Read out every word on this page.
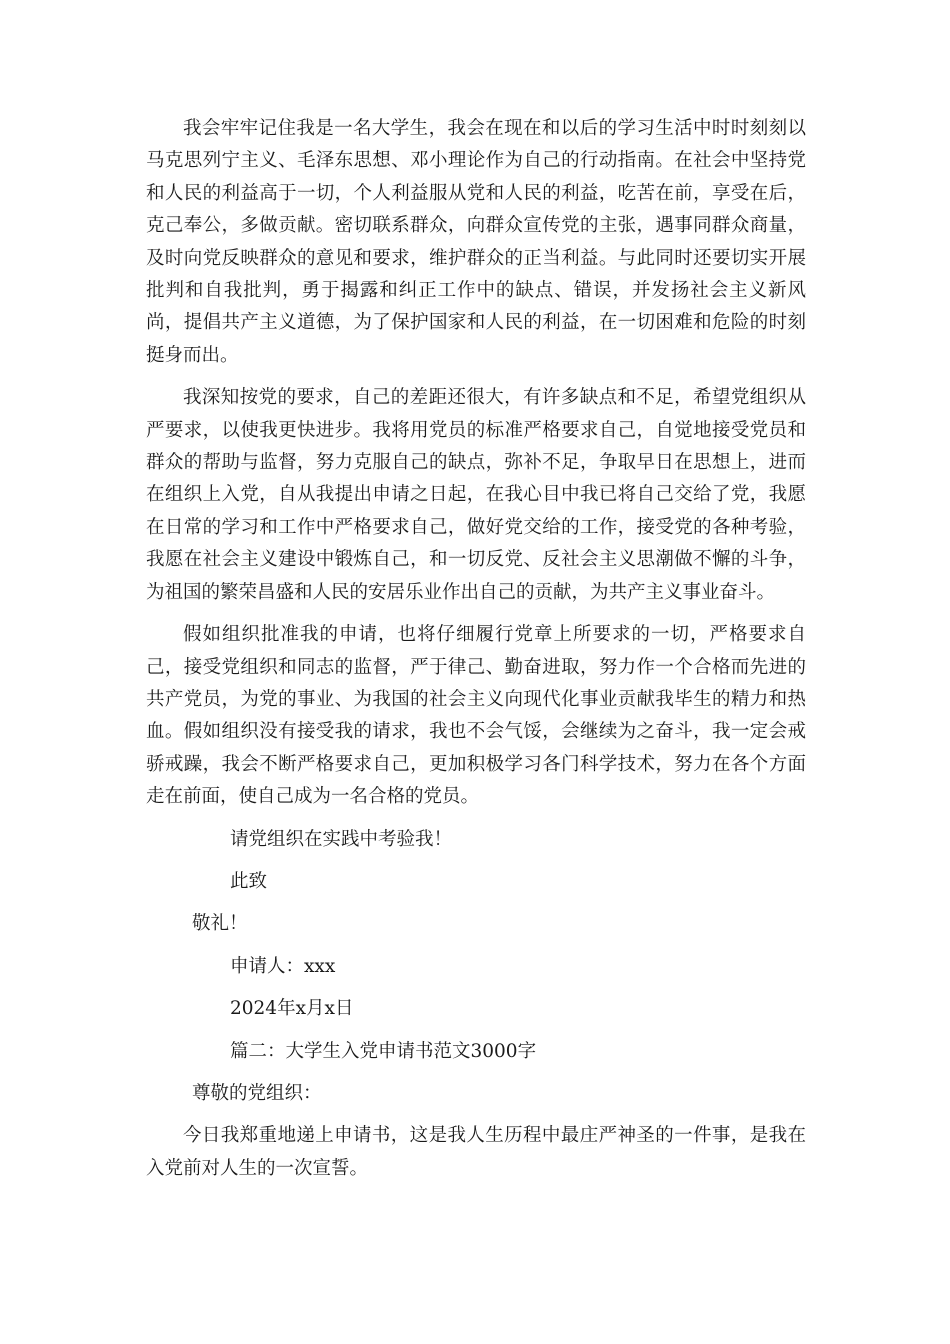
我会牢牢记住我是一名大学生，我会在现在和以后的学习生活中时时刻刻以马克思列宁主义、毛泽东思想、邓小理论作为自己的行动指南。在社会中坚持党和人民的利益高于一切，个人利益服从党和人民的利益，吃苦在前，享受在后，克己奉公，多做贡献。密切联系群众，向群众宣传党的主张，遇事同群众商量，及时向党反映群众的意见和要求，维护群众的正当利益。与此同时还要切实开展批判和自我批判，勇于揭露和纠正工作中的缺点、错误，并发扬社会主义新风尚，提倡共产主义道德，为了保护国家和人民的利益，在一切困难和危险的时刻挺身而出。

我深知按党的要求，自己的差距还很大，有许多缺点和不足，希望党组织从严要求，以使我更快进步。我将用党员的标准严格要求自己，自觉地接受党员和群众的帮助与监督，努力克服自己的缺点，弥补不足，争取早日在思想上，进而在组织上入党，自从我提出申请之日起，在我心目中我已将自己交给了党，我愿在日常的学习和工作中严格要求自己，做好党交给的工作，接受党的各种考验，我愿在社会主义建设中锻炼自己，和一切反党、反社会主义思潮做不懈的斗争，为祖国的繁荣昌盛和人民的安居乐业作出自己的贡献，为共产主义事业奋斗。

假如组织批准我的申请，也将仔细履行党章上所要求的一切，严格要求自己，接受党组织和同志的监督，严于律己、勤奋进取，努力作一个合格而先进的共产党员，为党的事业、为我国的社会主义向现代化事业贡献我毕生的精力和热血。假如组织没有接受我的请求，我也不会气馁，会继续为之奋斗，我一定会戒骄戒躁，我会不断严格要求自己，更加积极学习各门科学技术，努力在各个方面走在前面，使自己成为一名合格的党员。

请党组织在实践中考验我！

此致

敬礼！

申请人：xxx

2024年x月x日

篇二：大学生入党申请书范文3000字

尊敬的党组织：

今日我郑重地递上申请书，这是我人生历程中最庄严神圣的一件事，是我在入党前对人生的一次宣誓。
